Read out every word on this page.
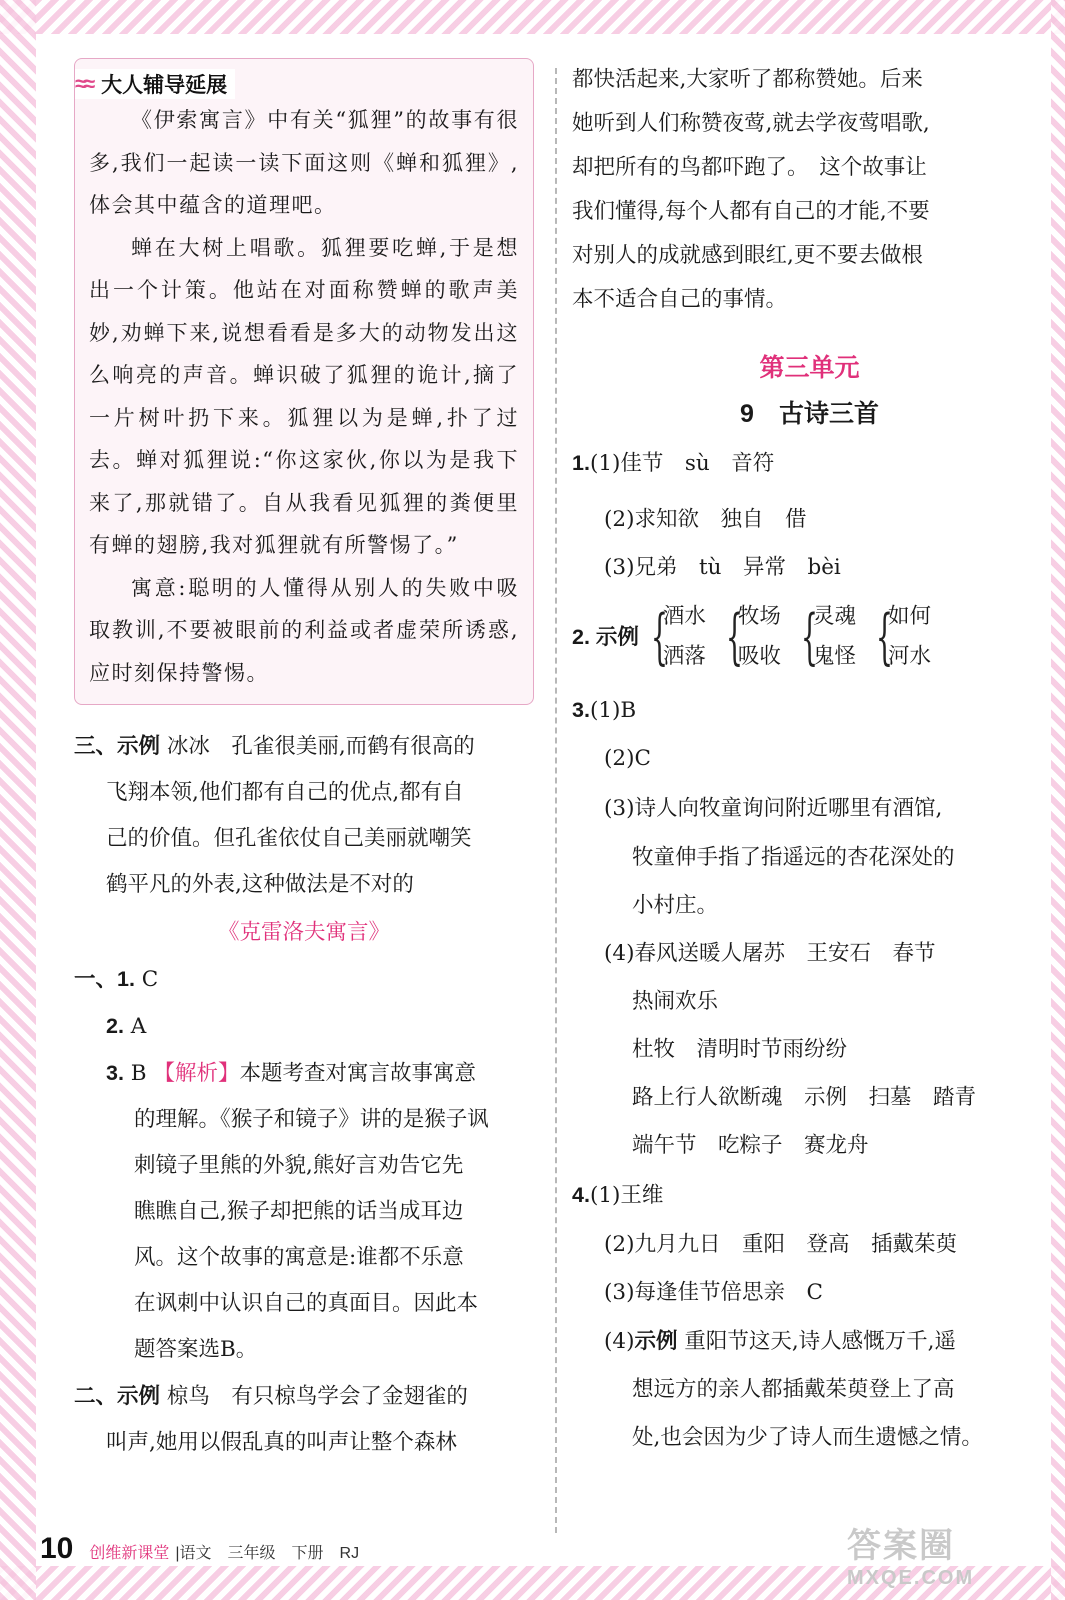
≈≈ 大人辅导延展

《伊索寓言》中有关“狐狸”的故事有很多,我们一起读一读下面这则《蝉和狐狸》,体会其中蕴含的道理吧。

蝉在大树上唱歌。狐狸要吃蝉,于是想出一个计策。他站在对面称赞蝉的歌声美妙,劝蝉下来,说想看看是多大的动物发出这么响亮的声音。蝉识破了狐狸的诡计,摘了一片树叶扔下来。狐狸以为是蝉,扑了过去。蝉对狐狸说:“你这家伙,你以为是我下来了,那就错了。自从我看见狐狸的粪便里有蝉的翅膀,我对狐狸就有所警惕了。”

寓意:聪明的人懂得从别人的失败中吸取教训,不要被眼前的利益或者虚荣所诱惑,应时刻保持警惕。

三、示例 冰冰　孔雀很美丽,而鹤有很高的
飞翔本领,他们都有自己的优点,都有自
己的价值。但孔雀依仗自己美丽就嘲笑
鹤平凡的外表,这种做法是不对的
《克雷洛夫寓言》
一、1. C
2. A
3. B 【解析】本题考查对寓言故事寓意
的理解。《猴子和镜子》讲的是猴子讽
刺镜子里熊的外貌,熊好言劝告它先
瞧瞧自己,猴子却把熊的话当成耳边
风。这个故事的寓意是:谁都不乐意
在讽刺中认识自己的真面目。因此本
题答案选B。
二、示例 椋鸟　有只椋鸟学会了金翅雀的
叫声,她用以假乱真的叫声让整个森林
都快活起来,大家听了都称赞她。后来
她听到人们称赞夜莺,就去学夜莺唱歌,
却把所有的鸟都吓跑了。　这个故事让
我们懂得,每个人都有自己的才能,不要
对别人的成就感到眼红,更不要去做根
本不适合自己的事情。
第三单元
9　古诗三首
1.(1)佳节　sù　音符
(2)求知欲　独自　借
(3)兄弟　tù　异常　bèi
2. 示例 {
酒水
洒落 {
牧场
吸收 {
灵魂
鬼怪 {
如何
河水
3.(1)B
(2)C
(3)诗人向牧童询问附近哪里有酒馆,
牧童伸手指了指遥远的杏花深处的
小村庄。
(4)春风送暖人屠苏　王安石　春节
热闹欢乐
杜牧　清明时节雨纷纷
路上行人欲断魂　示例　扫墓　踏青
端午节　吃粽子　赛龙舟
4.(1)王维
(2)九月九日　重阳　登高　插戴茱萸
(3)每逢佳节倍思亲　C
(4)示例 重阳节这天,诗人感慨万千,遥
想远方的亲人都插戴茱萸登上了高
处,也会因为少了诗人而生遗憾之情。
10 创维新课堂 |语文　三年级　下册　RJ	答案圈
MXQE.COM
